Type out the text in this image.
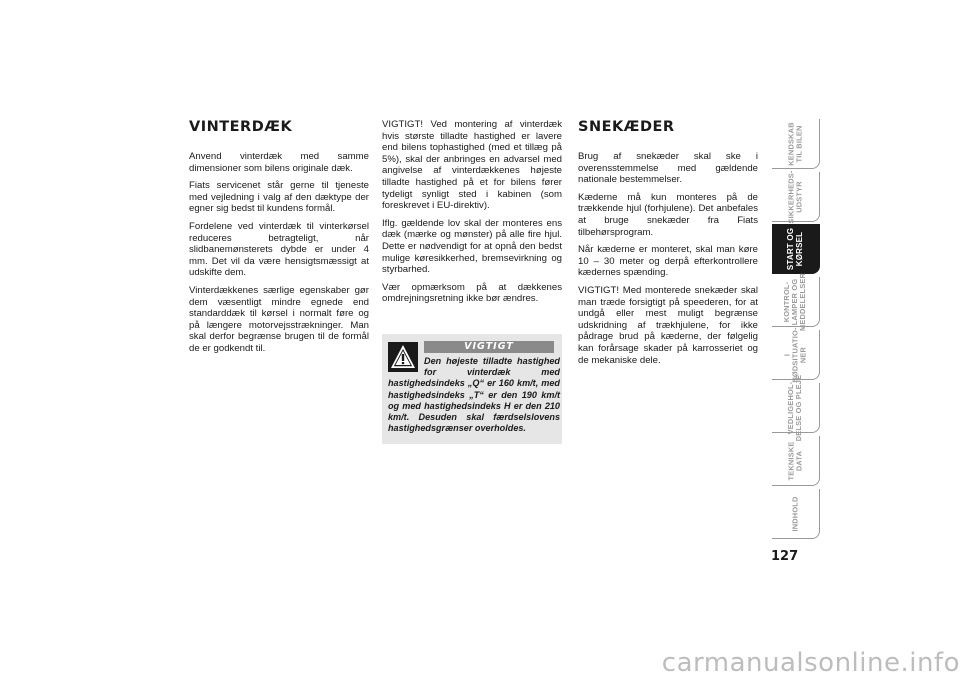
VINTERDÆK

Anvend vinterdæk med samme dimensioner som bilens originale dæk.

Fiats servicenet står gerne til tjeneste med vejledning i valg af den dæktype der egner sig bedst til kundens formål.

Fordelene ved vinterdæk til vinterkørsel reduceres betragteligt, når slidbanemønsterets dybde er under 4 mm. Det vil da være hensigtsmæssigt at udskifte dem.

Vinterdækkenes særlige egenskaber gør dem væsentligt mindre egnede end standarddæk til kørsel i normalt føre og på længere motorvejsstrækninger. Man skal derfor begrænse brugen til de formål de er godkendt til.

VIGTIGT! Ved montering af vinterdæk hvis største tilladte hastighed er lavere end bilens tophastighed (med et tillæg på 5%), skal der anbringes en advarsel med angivelse af vinterdækkenes højeste tilladte hastighed på et for bilens fører tydeligt synligt sted i kabinen (som foreskrevet i EU-direktiv).

Iflg. gældende lov skal der monteres ens dæk (mærke og mønster) på alle fire hjul. Dette er nødvendigt for at opnå den bedst mulige køresikkerhed, bremsevirkning og styrbarhed.

Vær opmærksom på at dækkenes omdrejningsretning ikke bør ændres.

VIGTIGT
Den højeste tilladte hastighed for vinterdæk med hastighedsindeks „Q“ er 160 km/t, med hastighedsindeks „T“ er den 190 km/t og med hastighedsindeks H er den 210 km/t. Desuden skal færdselslovens hastighedsgrænser overholdes.
SNEKÆDER

Brug af snekæder skal ske i overensstemmelse med gældende nationale bestemmelser.

Kæderne må kun monteres på de trækkende hjul (forhjulene). Det anbefales at bruge snekæder fra Fiats tilbehørsprogram.

Når kæderne er monteret, skal man køre 10 – 30 meter og derpå efterkontrollere kædernes spænding.

VIGTIGT! Med monterede snekæder skal man træde forsigtigt på speederen, for at undgå eller mest muligt begrænse udskridning af trækhjulene, for ikke pådrage brud på kæderne, der følgelig kan forårsage skader på karrosseriet og de mekaniske dele.

KENDSKAB
TIL BILEN
SIKKERHEDS-
UDSTYR
START OG
KØRSEL
KONTROL-
LAMPER OG
MEDDELELSER
I
NØDSITUATIO-
NER
VEDLIGEHOL-
DELSE OG PLEJE
TEKNISKE
DATA
INDHOLD
127
carmanualsonline.info
